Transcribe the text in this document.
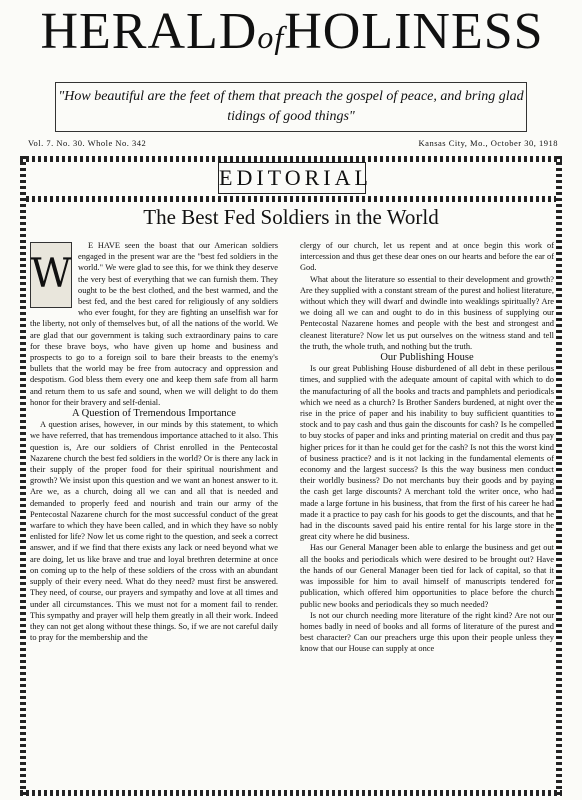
HERALDofHOLINESS
"How beautiful are the feet of them that preach the gospel of peace, and bring glad tidings of good things"
Vol. 7. No. 30. Whole No. 342	Kansas City, Mo., October 30, 1918
EDITORIAL
The Best Fed Soldiers in the World
W

E HAVE seen the boast that our American soldiers engaged in the present war are the "best fed soldiers in the world." We were glad to see this, for we think they deserve the very best of everything that we can furnish them. They ought to be the best clothed, and the best warmed, and the best fed, and the best cared for religiously of any soldiers who ever fought, for they are fighting an unselfish war for the liberty, not only of themselves but, of all the nations of the world. We are glad that our government is taking such extraordinary pains to care for these brave boys, who have given up home and business and prospects to go to a foreign soil to bare their breasts to the enemy's bullets that the world may be free from autocracy and oppression and despotism. God bless them every one and keep them safe from all harm and return them to us safe and sound, when we will delight to do them honor for their bravery and self-denial.

A Question of Tremendous Importance

A question arises, however, in our minds by this statement, to which we have referred, that has tremendous importance attached to it also. This question is, Are our soldiers of Christ enrolled in the Pentecostal Nazarene church the best fed soldiers in the world? Or is there any lack in their supply of the proper food for their spiritual nourishment and growth? We insist upon this question and we want an honest answer to it. Are we, as a church, doing all we can and all that is needed and demanded to properly feed and nourish and train our army of the Pentecostal Nazarene church for the most successful conduct of the great warfare to which they have been called, and in which they have so nobly enlisted for life? Now let us come right to the question, and seek a correct answer, and if we find that there exists any lack or need beyond what we are doing, let us like brave and true and loyal brethren determine at once on coming up to the help of these soldiers of the cross with an abundant supply of their every need. What do they need? must first be answered. They need, of course, our prayers and sympathy and love at all times and under all circumstances. This we must not for a moment fail to render. This sympathy and prayer will help them greatly in all their work. Indeed they can not get along without these things. So, if we are not careful daily to pray for the membership and the

clergy of our church, let us repent and at once begin this work of intercession and thus get these dear ones on our hearts and before the ear of God.

What about the literature so essential to their development and growth? Are they supplied with a constant stream of the purest and holiest literature, without which they will dwarf and dwindle into weaklings spiritually? Are we doing all we can and ought to do in this business of supplying our Pentecostal Nazarene homes and people with the best and strongest and cleanest literature? Now let us put ourselves on the witness stand and tell the truth, the whole truth, and nothing but the truth.

Our Publishing House

Is our great Publishing House disburdened of all debt in these perilous times, and supplied with the adequate amount of capital with which to do the manufacturing of all the books and tracts and pamphlets and periodicals which we need as a church? Is Brother Sanders burdened, at night over the rise in the price of paper and his inability to buy sufficient quantities to stock and to pay cash and thus gain the discounts for cash? Is he compelled to buy stocks of paper and inks and printing material on credit and thus pay higher prices for it than he could get for the cash? Is not this the worst kind of business practice? and is it not lacking in the fundamental elements of economy and the largest success? Is this the way business men conduct their worldly business? Do not merchants buy their goods and by paying the cash get large discounts? A merchant told the writer once, who had made a large fortune in his business, that from the first of his career he had made it a practice to pay cash for his goods to get the discounts, and that he had in the discounts saved paid his entire rental for his large store in the great city where he did business.

Has our General Manager been able to enlarge the business and get out all the books and periodicals which were desired to be brought out? Have the hands of our General Manager been tied for lack of capital, so that it was impossible for him to avail himself of manuscripts tendered for publication, which offered him opportunities to place before the church public new books and periodicals they so much needed?

Is not our church needing more literature of the right kind? Are not our homes badly in need of books and all forms of literature of the purest and best character? Can our preachers urge this upon their people unless they know that our House can supply at once
